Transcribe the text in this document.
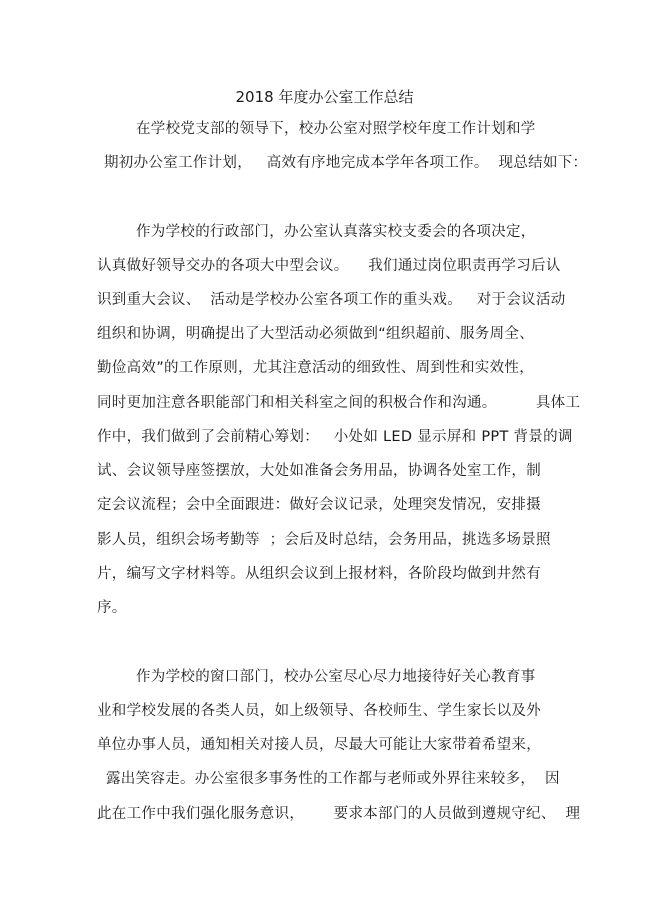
2018 年度办公室工作总结
在学校党支部的领导下，校办公室对照学校年度工作计划和学
期初办公室工作计划，   高效有序地完成本学年各项工作。  现总结如下：
作为学校的行政部门，办公室认真落实校支委会的各项决定，
认真做好领导交办的各项大中型会议。    我们通过岗位职责再学习后认
识到重大会议、  活动是学校办公室各项工作的重头戏。   对于会议活动
组织和协调，明确提出了大型活动必须做到“组织超前、服务周全、
勤俭高效”的工作原则，尤其注意活动的细致性、周到性和实效性，
同时更加注意各职能部门和相关科室之间的积极合作和沟通。        具体工
作中，我们做到了会前精心筹划：   小处如 LED 显示屏和 PPT 背景的调
试、会议领导座签摆放，大处如准备会务用品，协调各处室工作，制
定会议流程；会中全面跟进：做好会议记录，处理突发情况，安排摄
影人员，组织会场考勤等  ；会后及时总结，会务用品，挑选多场景照
片，编写文字材料等。从组织会议到上报材料，各阶段均做到井然有
序。
作为学校的窗口部门，校办公室尽心尽力地接待好关心教育事
业和学校发展的各类人员，如上级领导、各校师生、学生家长以及外
单位办事人员，通知相关对接人员，尽最大可能让大家带着希望来，
露出笑容走。办公室很多事务性的工作都与老师或外界往来较多，  因
此在工作中我们强化服务意识，      要求本部门的人员做到遵规守纪、  理
